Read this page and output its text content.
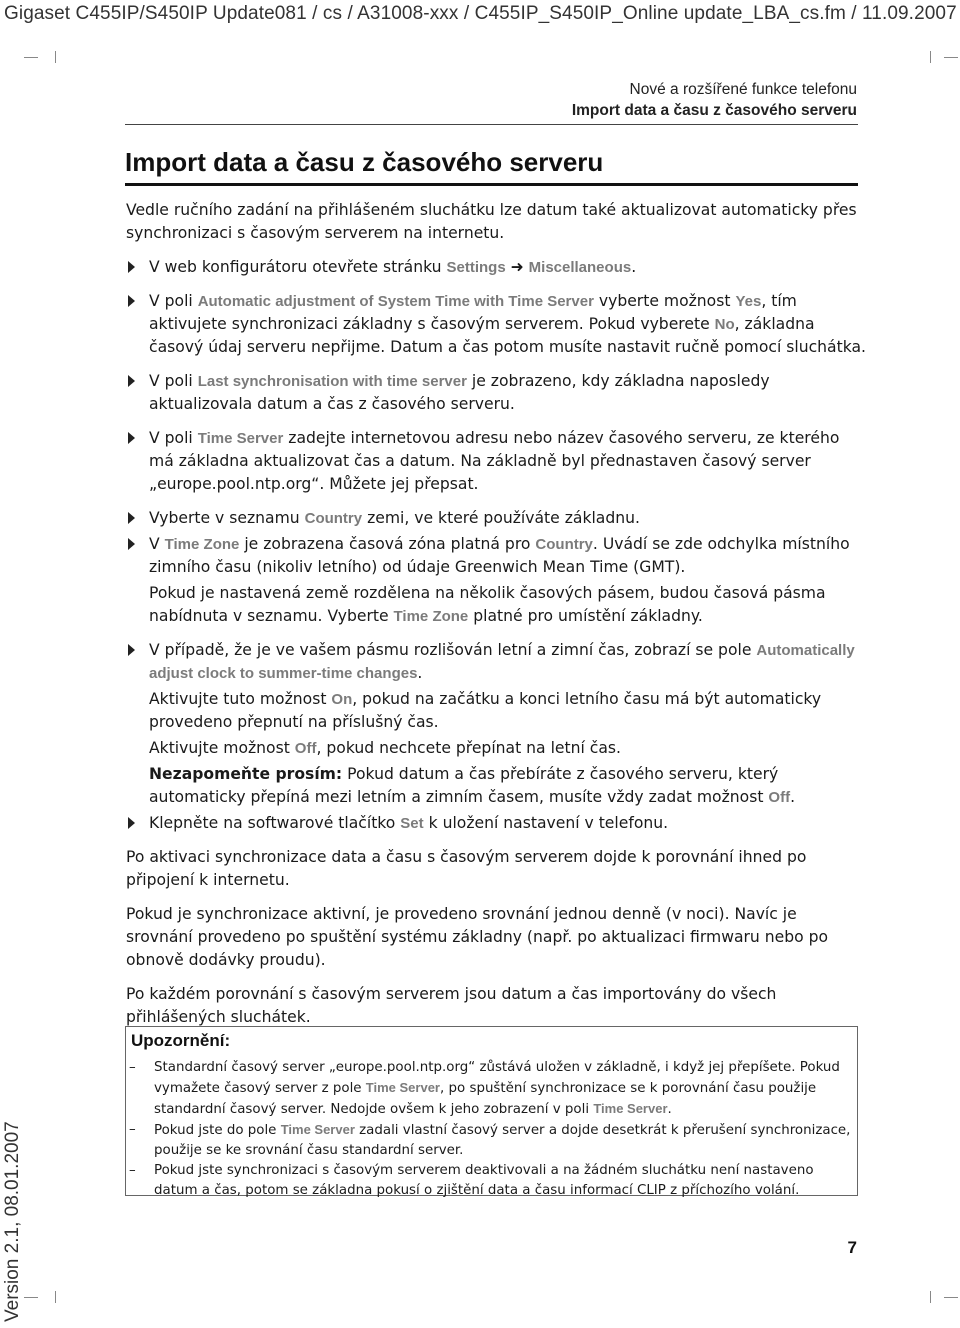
Gigaset C455IP/S450IP Update081 / cs / A31008-xxx / C455IP_S450IP_Online update_LBA_cs.fm / 11.09.2007
Nové a rozšířené funkce telefonu
Import data a času z časového serveru
Import data a času z časového serveru

Vedle ručního zadání na přihlášeném sluchátku lze datum také aktualizovat automaticky přes synchronizaci s časovým serverem na internetu.

V web konfigurátoru otevřete stránku Settings ➜ Miscellaneous.

V poli Automatic adjustment of System Time with Time Server vyberte možnost Yes, tím aktivujete synchronizaci základny s časovým serverem. Pokud vyberete No, základna časový údaj serveru nepřijme. Datum a čas potom musíte nastavit ručně pomocí sluchátka.

V poli Last synchronisation with time server je zobrazeno, kdy základna naposledy aktualizovala datum a čas z časového serveru.

V poli Time Server zadejte internetovou adresu nebo název časového serveru, ze kterého má základna aktualizovat čas a datum. Na základně byl přednastaven časový server „europe.pool.ntp.org“. Můžete jej přepsat.

Vyberte v seznamu Country zemi, ve které používáte základnu.

V Time Zone je zobrazena časová zóna platná pro Country. Uvádí se zde odchylka místního zimního času (nikoliv letního) od údaje Greenwich Mean Time (GMT).

Pokud je nastavená země rozdělena na několik časových pásem, budou časová pásma nabídnuta v seznamu. Vyberte Time Zone platné pro umístění základny.

V případě, že je ve vašem pásmu rozlišován letní a zimní čas, zobrazí se pole Automatically adjust clock to summer-time changes.

Aktivujte tuto možnost On, pokud na začátku a konci letního času má být automaticky provedeno přepnutí na příslušný čas.

Aktivujte možnost Off, pokud nechcete přepínat na letní čas.

Nezapomeňte prosím: Pokud datum a čas přebíráte z časového serveru, který automaticky přepíná mezi letním a zimním časem, musíte vždy zadat možnost Off.

Klepněte na softwarové tlačítko Set k uložení nastavení v telefonu.

Po aktivaci synchronizace data a času s časovým serverem dojde k porovnání ihned po připojení k internetu.

Pokud je synchronizace aktivní, je provedeno srovnání jednou denně (v noci). Navíc je srovnání provedeno po spuštění systému základny (např. po aktualizaci firmwaru nebo po obnově dodávky proudu).

Po každém porovnání s časovým serverem jsou datum a čas importovány do všech přihlášených sluchátek.

Upozornění:

– Standardní časový server „europe.pool.ntp.org“ zůstává uložen v základně, i když jej přepíšete. Pokud vymažete časový server z pole Time Server, po spuštění synchronizace se k porovnání času použije standardní časový server. Nedojde ovšem k jeho zobrazení v poli Time Server.

– Pokud jste do pole Time Server zadali vlastní časový server a dojde desetkrát k přerušení synchronizace, použije se ke srovnání času standardní server.

– Pokud jste synchronizaci s časovým serverem deaktivovali a na žádném sluchátku není nastaveno datum a čas, potom se základna pokusí o zjištění data a času informací CLIP z příchozího volání.

Version 2.1, 08.01.2007	7
